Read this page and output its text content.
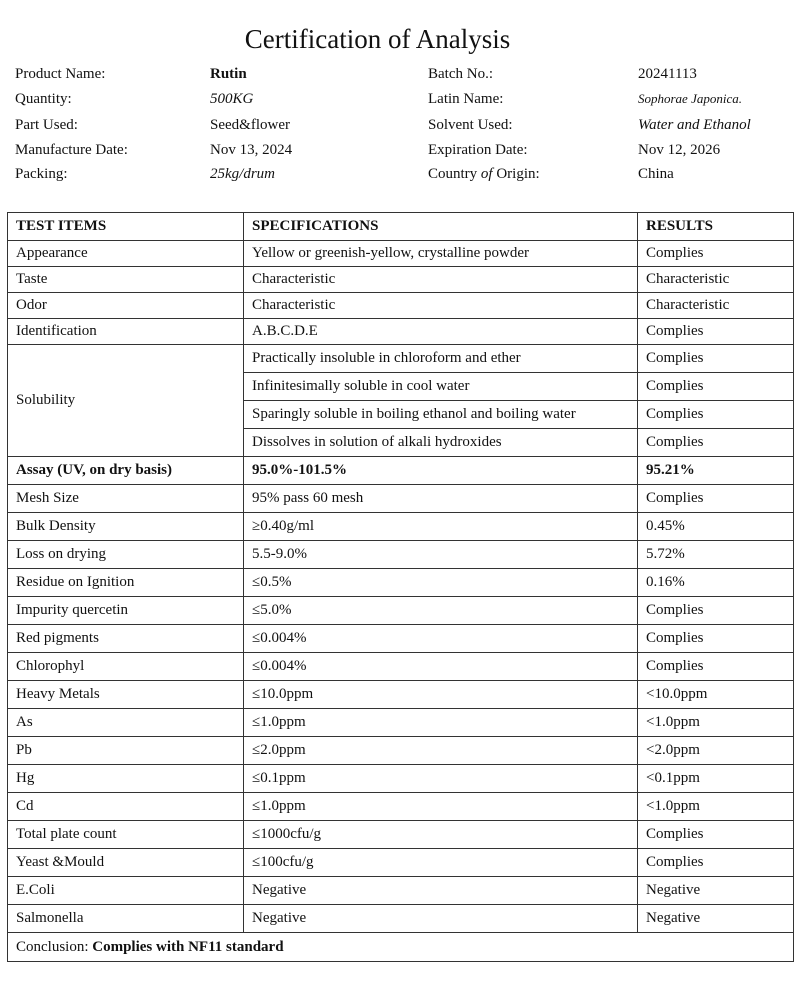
Certification of Analysis
Product Name:	Rutin	Batch No.:	20241113
Quantity:	500KG	Latin Name:	Sophorae Japonica.
Part Used:	Seed&flower	Solvent Used:	Water and Ethanol
Manufacture Date:	Nov 13, 2024	Expiration Date:	Nov 12, 2026
Packing:	25kg/drum	Country of Origin:	China
TEST ITEMS	SPECIFICATIONS	RESULTS
Appearance	Yellow or greenish-yellow, crystalline powder	Complies
Taste	Characteristic	Characteristic
Odor	Characteristic	Characteristic
Identification	A.B.C.D.E	Complies
Solubility	Practically insoluble in chloroform and ether	Complies
	Infinitesimally soluble in cool water	Complies
	Sparingly soluble in boiling ethanol and boiling water	Complies
	Dissolves in solution of alkali hydroxides	Complies
Assay (UV, on dry basis)	95.0%-101.5%	95.21%
Mesh Size	95% pass 60 mesh	Complies
Bulk Density	≥0.40g/ml	0.45%
Loss on drying	5.5-9.0%	5.72%
Residue on Ignition	≤0.5%	0.16%
Impurity quercetin	≤5.0%	Complies
Red pigments	≤0.004%	Complies
Chlorophyl	≤0.004%	Complies
Heavy Metals	≤10.0ppm	<10.0ppm
As	≤1.0ppm	<1.0ppm
Pb	≤2.0ppm	<2.0ppm
Hg	≤0.1ppm	<0.1ppm
Cd	≤1.0ppm	<1.0ppm
Total plate count	≤1000cfu/g	Complies
Yeast &Mould	≤100cfu/g	Complies
E.Coli	Negative	Negative
Salmonella	Negative	Negative
Conclusion: Complies with NF11 standard		
